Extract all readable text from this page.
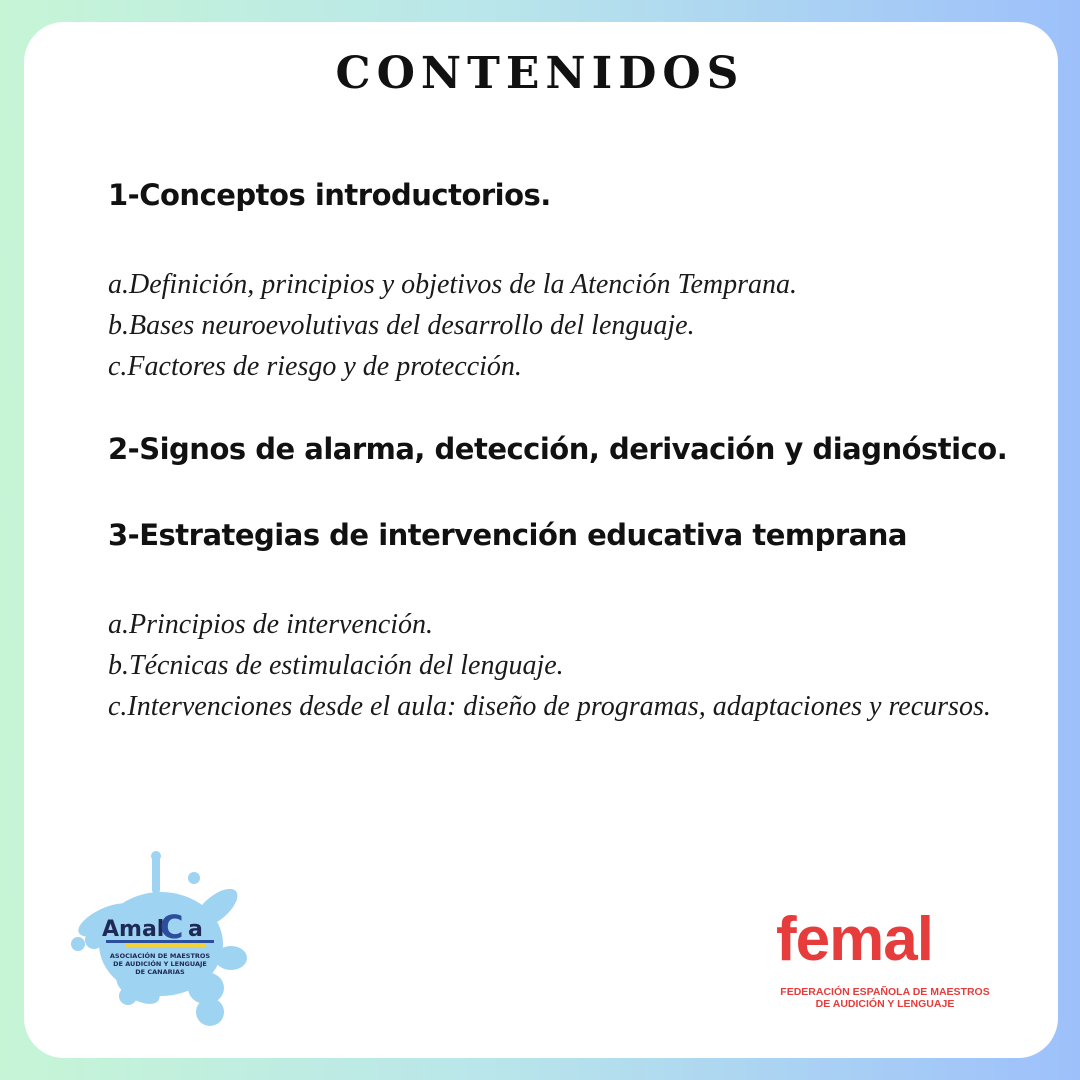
CONTENIDOS
1-Conceptos introductorios.
a.Definición, principios y objetivos de la Atención Temprana.
b.Bases neuroevolutivas del desarrollo del lenguaje.
c.Factores de riesgo y de protección.
2-Signos de alarma, detección, derivación y diagnóstico.
3-Estrategias de intervención educativa temprana
a.Principios de intervención.
b.Técnicas de estimulación del lenguaje.
c.Intervenciones desde el aula: diseño de programas, adaptaciones y recursos.
Amal
C a
ASOCIACIÓN DE MAESTROS
DE AUDICIÓN Y LENGUAJE
DE CANARIAS	femal
FEDERACIÓN ESPAÑOLA DE MAESTROS
DE AUDICIÓN Y LENGUAJE
